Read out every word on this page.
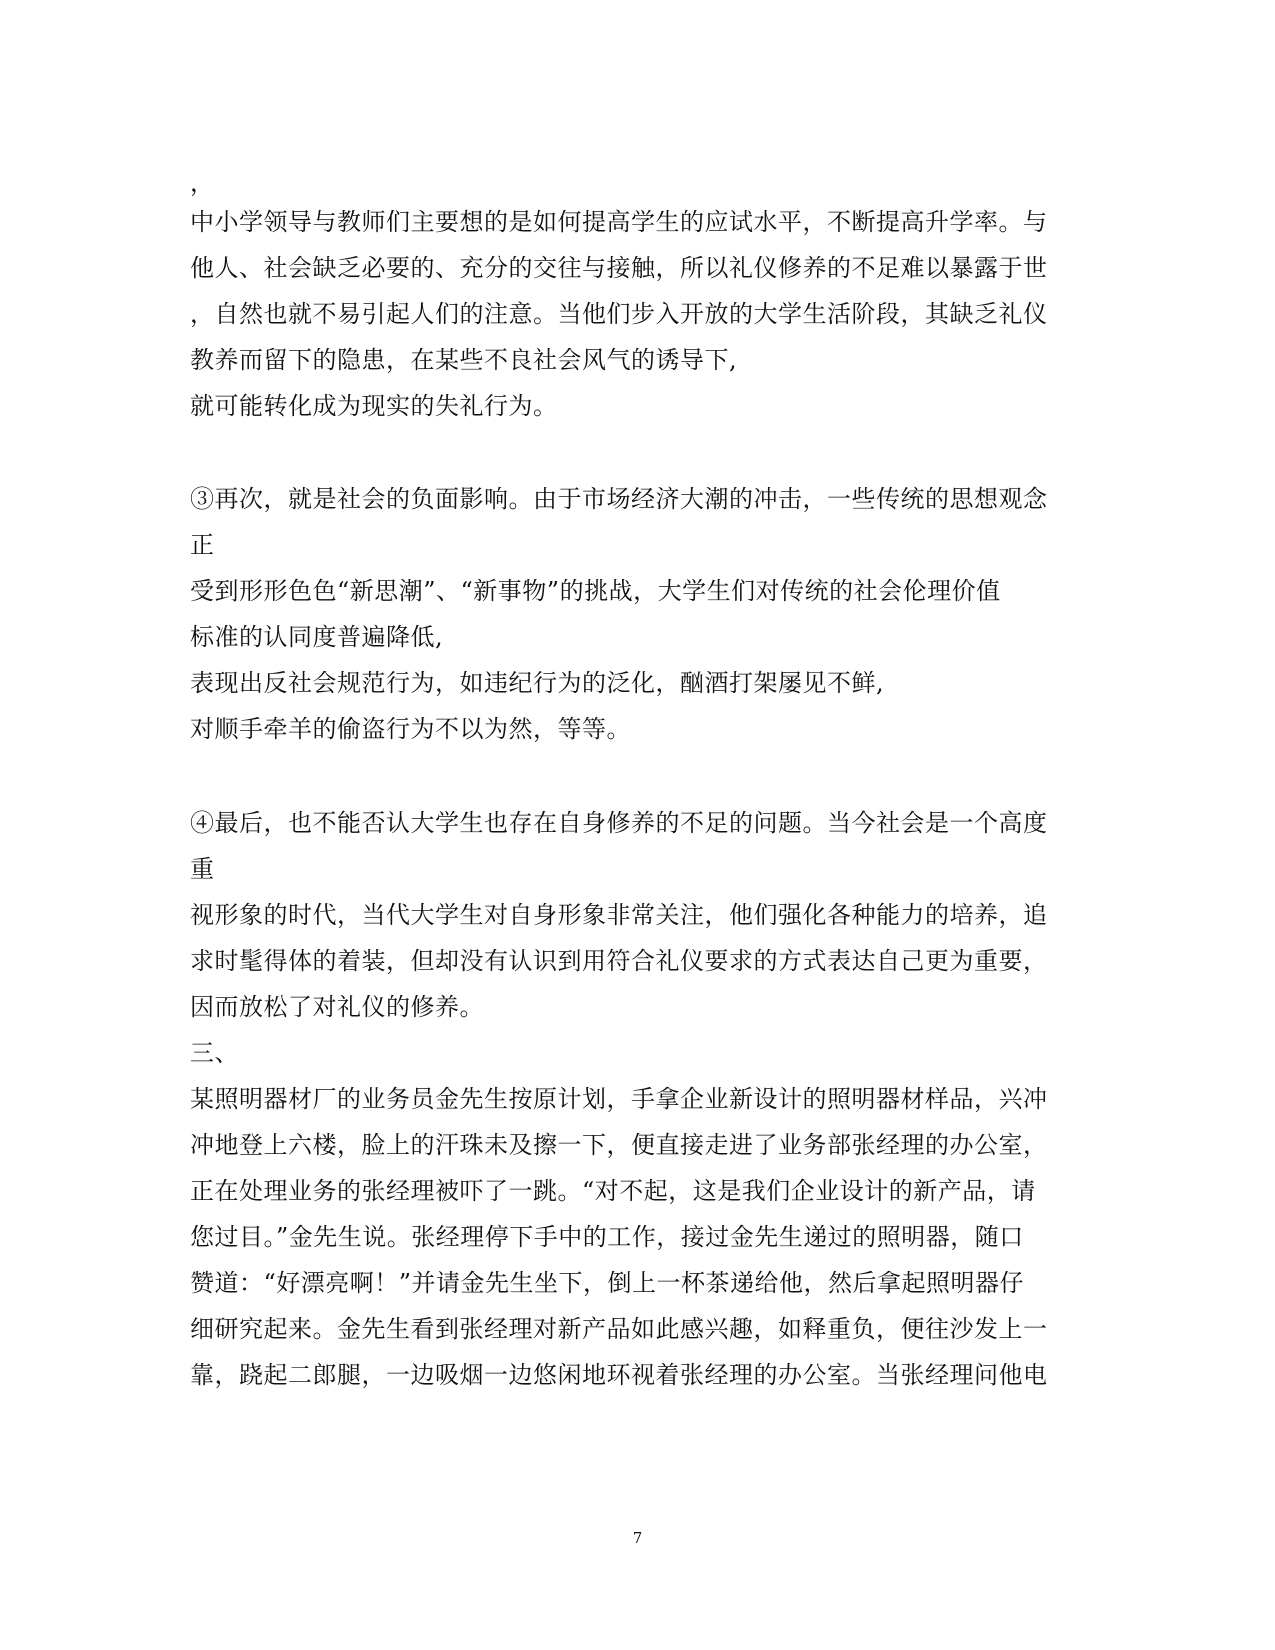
，
中小学领导与教师们主要想的是如何提高学生的应试水平，不断提高升学率。与
他人、社会缺乏必要的、充分的交往与接触，所以礼仪修养的不足难以暴露于世
，自然也就不易引起人们的注意。当他们步入开放的大学生活阶段，其缺乏礼仪
教养而留下的隐患，在某些不良社会风气的诱导下,
就可能转化成为现实的失礼行为。
③再次，就是社会的负面影响。由于市场经济大潮的冲击，一些传统的思想观念
正
受到形形色色“新思潮”、“新事物”的挑战，大学生们对传统的社会伦理价值
标准的认同度普遍降低,
表现出反社会规范行为，如违纪行为的泛化，酗酒打架屡见不鲜,
对顺手牵羊的偷盗行为不以为然，等等。
④最后，也不能否认大学生也存在自身修养的不足的问题。当今社会是一个高度
重
视形象的时代，当代大学生对自身形象非常关注，他们强化各种能力的培养，追
求时髦得体的着装，但却没有认识到用符合礼仪要求的方式表达自己更为重要，
因而放松了对礼仪的修养。
三、
某照明器材厂的业务员金先生按原计划，手拿企业新设计的照明器材样品，兴冲
冲地登上六楼，脸上的汗珠未及擦一下，便直接走进了业务部张经理的办公室，
正在处理业务的张经理被吓了一跳。“对不起，这是我们企业设计的新产品，请
您过目。”金先生说。张经理停下手中的工作，接过金先生递过的照明器，随口
赞道：“好漂亮啊！”并请金先生坐下，倒上一杯茶递给他，然后拿起照明器仔
细研究起来。金先生看到张经理对新产品如此感兴趣，如释重负，便往沙发上一
靠，跷起二郎腿，一边吸烟一边悠闲地环视着张经理的办公室。当张经理问他电
7
